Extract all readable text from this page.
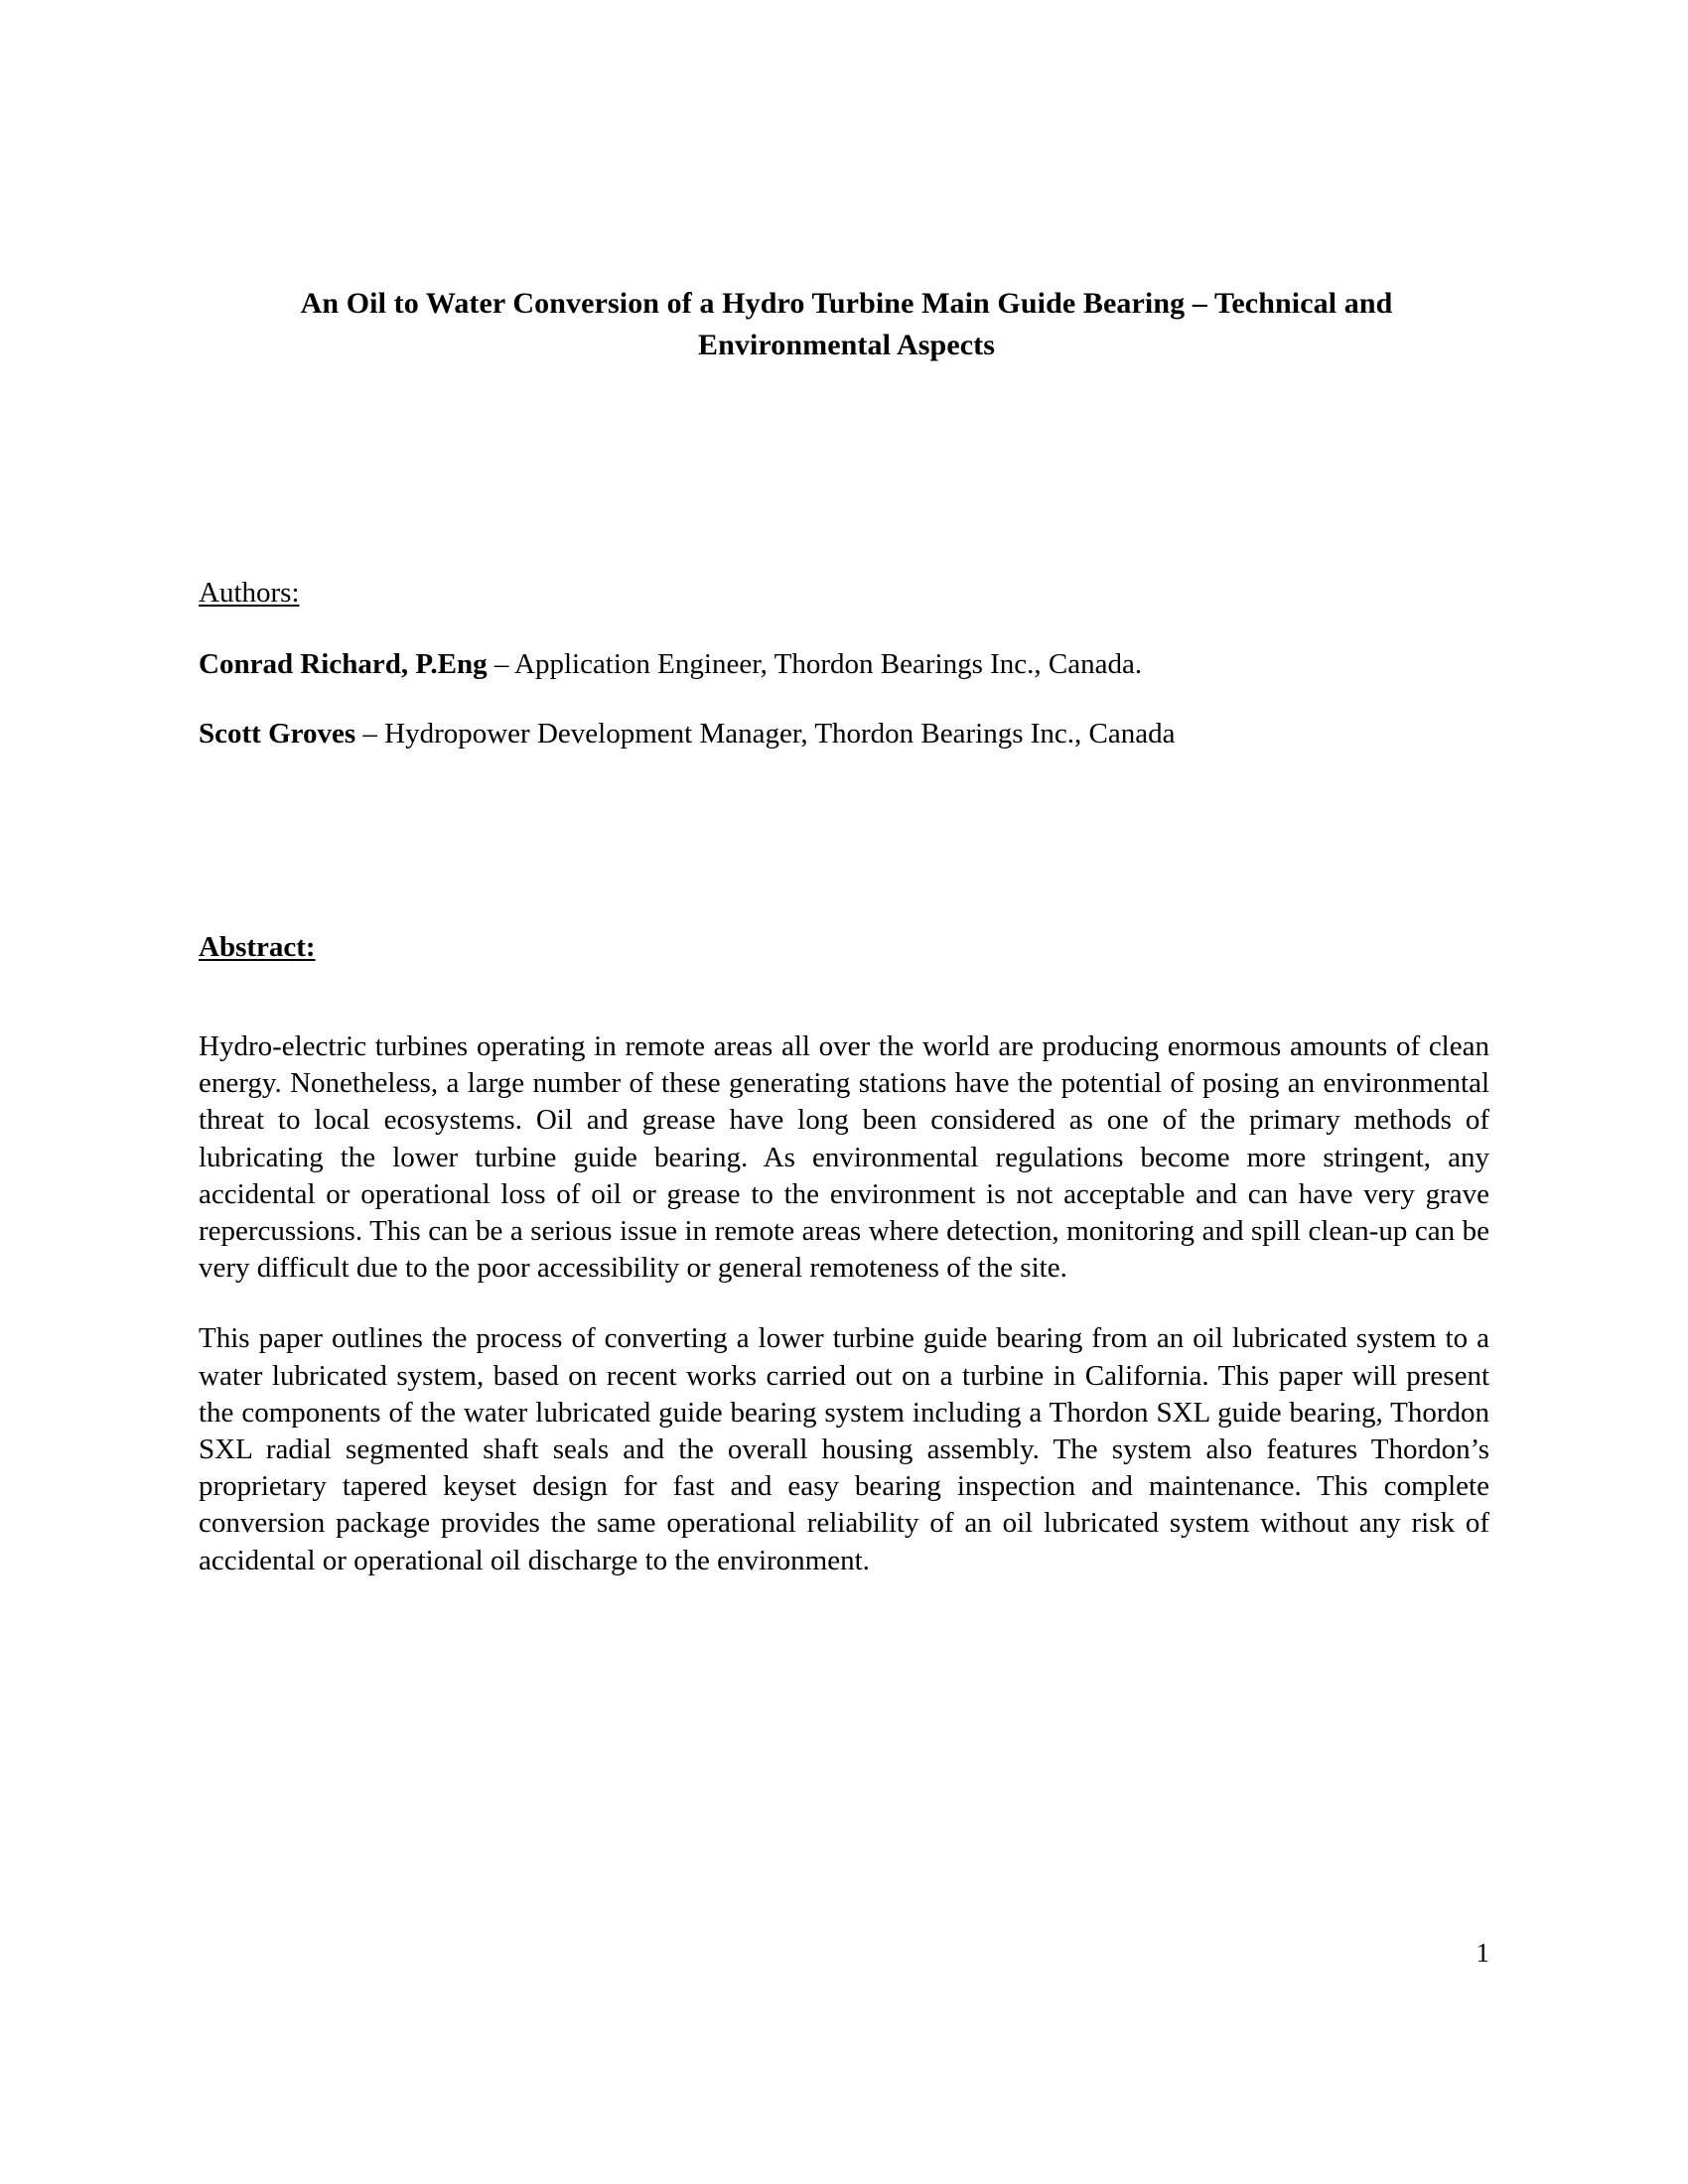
An Oil to Water Conversion of a Hydro Turbine Main Guide Bearing – Technical and Environmental Aspects
Authors:
Conrad Richard, P.Eng – Application Engineer, Thordon Bearings Inc., Canada.
Scott Groves – Hydropower Development Manager, Thordon Bearings Inc., Canada
Abstract:

Hydro-electric turbines operating in remote areas all over the world are producing enormous amounts of clean energy. Nonetheless, a large number of these generating stations have the potential of posing an environmental threat to local ecosystems. Oil and grease have long been considered as one of the primary methods of lubricating the lower turbine guide bearing. As environmental regulations become more stringent, any accidental or operational loss of oil or grease to the environment is not acceptable and can have very grave repercussions. This can be a serious issue in remote areas where detection, monitoring and spill clean-up can be very difficult due to the poor accessibility or general remoteness of the site.

This paper outlines the process of converting a lower turbine guide bearing from an oil lubricated system to a water lubricated system, based on recent works carried out on a turbine in California. This paper will present the components of the water lubricated guide bearing system including a Thordon SXL guide bearing, Thordon SXL radial segmented shaft seals and the overall housing assembly. The system also features Thordon’s proprietary tapered keyset design for fast and easy bearing inspection and maintenance. This complete conversion package provides the same operational reliability of an oil lubricated system without any risk of accidental or operational oil discharge to the environment.

1
